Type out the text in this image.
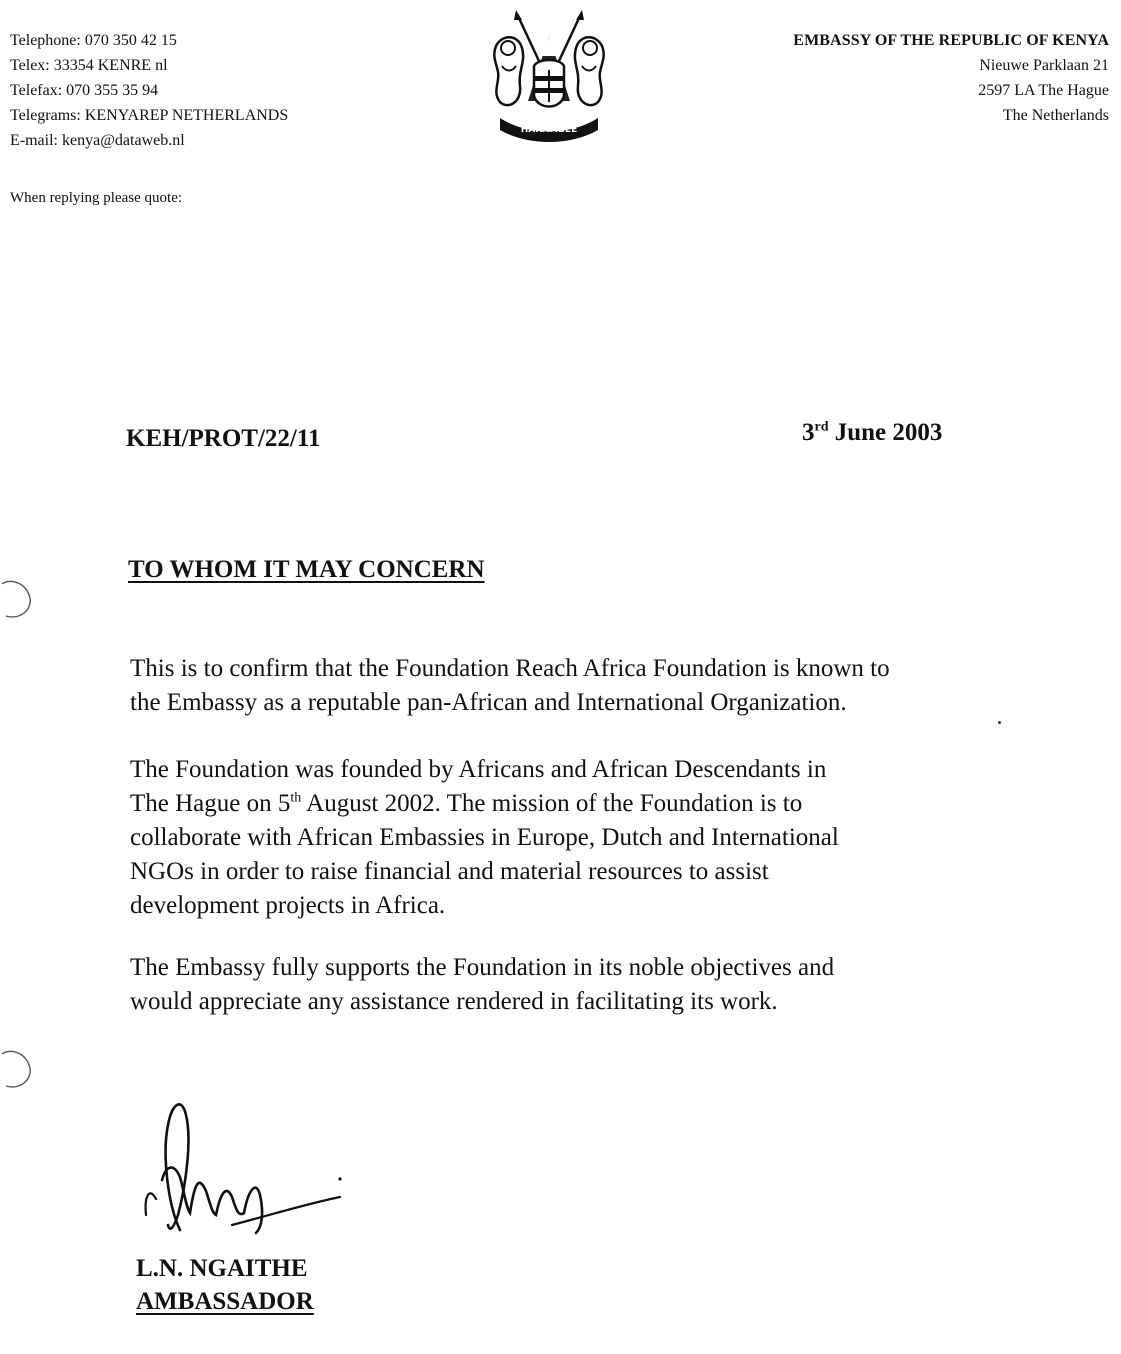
Telephone: 070 350 42 15
Telex: 33354 KENRE nl
Telefax: 070 355 35 94
Telegrams: KENYAREP NETHERLANDS
E-mail: kenya@dataweb.nl
When replying please quote:
HARAMBEE
EMBASSY OF THE REPUBLIC OF KENYA
Nieuwe Parklaan 21
2597 LA The Hague
The Netherlands
KEH/PROT/22/11	3rd June 2003
TO WHOM IT MAY CONCERN

This is to confirm that the Foundation Reach Africa Foundation is known to

the Embassy as a reputable pan-African and International Organization.

The Foundation was founded by Africans and African Descendants in

The Hague on 5th August 2002. The mission of the Foundation is to

collaborate with African Embassies in Europe, Dutch and International

NGOs in order to raise financial and material resources to assist

development projects in Africa.

The Embassy fully supports the Foundation in its noble objectives and

would appreciate any assistance rendered in facilitating its work.

L.N. NGAITHE
AMBASSADOR
